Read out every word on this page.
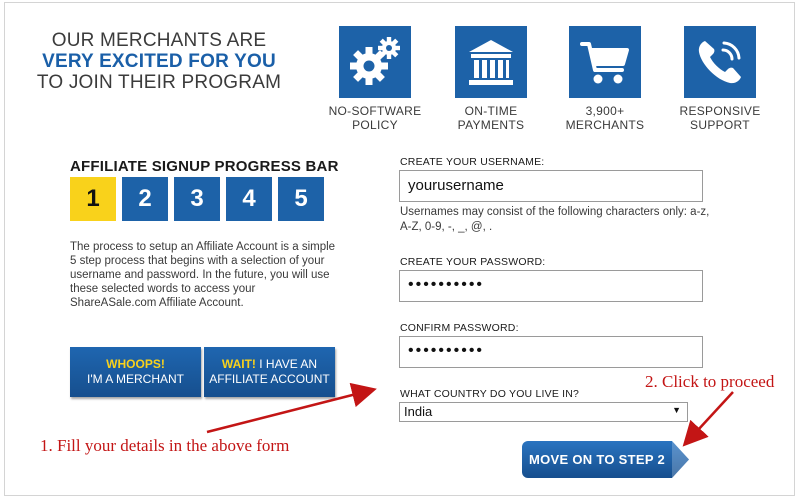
OUR MERCHANTS ARE
VERY EXCITED FOR YOU
TO JOIN THEIR PROGRAM
NO-SOFTWARE
POLICY
ON-TIME
PAYMENTS
3,900+
MERCHANTS
RESPONSIVE
SUPPORT
AFFILIATE SIGNUP PROGRESS BAR
1	2	3	4	5
The process to setup an Affiliate Account is a simple 5 step process that begins with a selection of your username and password. In the future, you will use these selected words to access your ShareASale.com Affiliate Account.
WHOOPS!
I'M A MERCHANT
WAIT! I HAVE AN
AFFILIATE ACCOUNT
CREATE YOUR USERNAME:
yourusername
Usernames may consist of the following characters only: a-z, A-Z, 0-9, -, _, @, .
CREATE YOUR PASSWORD:
••••••••••
CONFIRM PASSWORD:
••••••••••
WHAT COUNTRY DO YOU LIVE IN?
India	▼
MOVE ON TO STEP 2
1. Fill your details in the above form
2. Click to proceed
